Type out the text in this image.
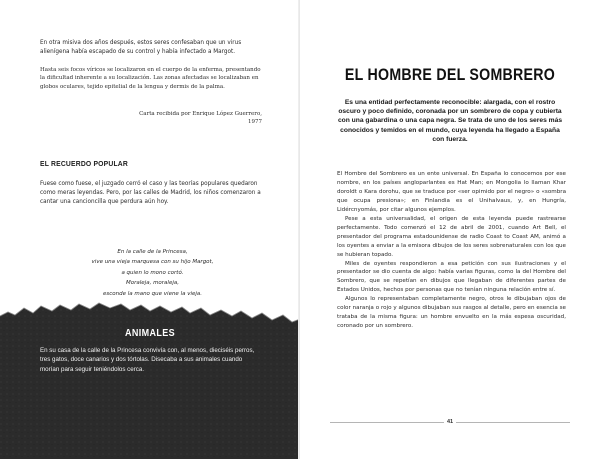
En otra misiva dos años después, estos seres confesaban que un virus alienígena había escapado de su control y había infectado a Margot.

Hasta seis focos víricos se localizaron en el cuerpo de la enferma, presentando la dificultad inherente a su localización. Las zonas afectadas se localizaban en globos oculares, tejido epitelial de la lengua y dermis de la palma.

Carta recibida por Enrique López Guerrero,
1977
EL RECUERDO POPULAR

Fuese como fuese, el juzgado cerró el caso y las teorías populares quedaron como meras leyendas. Pero, por las calles de Madrid, los niños comenzaron a cantar una cancioncilla que perdura aún hoy.

En la calle de la Princesa,
vive una vieja marquesa con su hijo Margot,
a quien lo mono cortó.
Moraleja, moraleja,
esconde la mano que viene la vieja.
ANIMALES
En su casa de la calle de la Princesa convivía con, al menos, dieciséis perros, tres gatos, doce canarios y dos tórtolas. Disecaba a sus animales cuando morían para seguir teniéndolos cerca.
EL HOMBRE DEL SOMBRERO
Es una entidad perfectamente reconocible: alargada, con el rostro oscuro y poco definido, coronada por un sombrero de copa y cubierta con una gabardina o una capa negra. Se trata de uno de los seres más conocidos y temidos en el mundo, cuya leyenda ha llegado a España con fuerza.

El Hombre del Sombrero es un ente universal. En España lo conocemos por ese nombre, en los países angloparlantes es Hat Man; en Mongolia lo llaman Khar doroldt o Kara dorohu, que se traduce por «ser opimido por el negro» o «sombra que ocupa presiona»; en Finlandia es el Unihalvaus, y, en Hungría, Lidércnyomás, por citar algunos ejemplos.

Pese a esta universalidad, el origen de esta leyenda puede rastrearse perfectamente. Todo comenzó el 12 de abril de 2001, cuando Art Bell, el presentador del programa estadounidense de radio Coast to Coast AM, animó a los oyentes a enviar a la emisora dibujos de los seres sobrenaturales con los que se hubieran topado.

Miles de oyentes respondieron a esa petición con sus ilustraciones y el presentador se dio cuenta de algo: había varias figuras, como la del Hombre del Sombrero, que se repetían en dibujos que llegaban de diferentes partes de Estados Unidos, hechos por personas que no tenían ninguna relación entre sí.

Algunos lo representaban completamente negro, otros le dibujaban ojos de color naranja o rojo y algunos dibujaban sus rasgos al detalle, pero en esencia se trataba de la misma figura: un hombre envuelto en la más espesa oscuridad, coronado por un sombrero.

41
